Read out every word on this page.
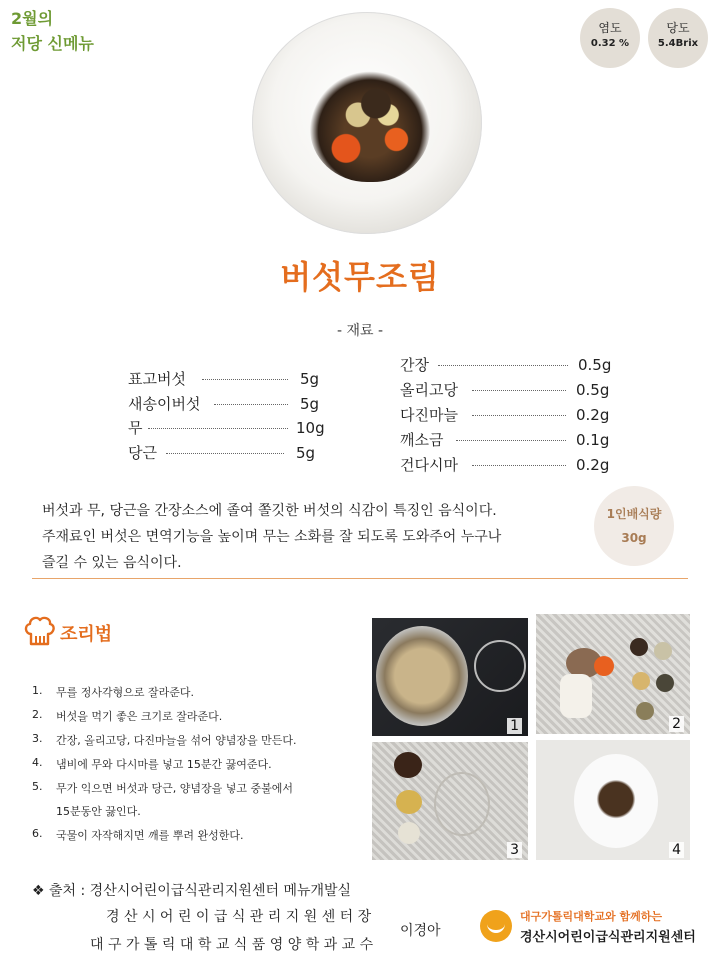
2월의
저당 신메뉴
염도
0.32 %
당도
5.4Brix
버섯무조림
- 재료 -
표고버섯	5g
새송이버섯	5g
무	10g
당근	5g
간장	0.5g
올리고당	0.5g
다진마늘	0.2g
깨소금	0.1g
건다시마	0.2g
버섯과 무, 당근을 간장소스에 졸여 쫄깃한 버섯의 식감이 특징인 음식이다.
주재료인 버섯은 면역기능을 높이며 무는 소화를 잘 되도록 도와주어 누구나
즐길 수 있는 음식이다.
1인배식량
30g
조리법
1.	무를 정사각형으로 잘라준다.
2.	버섯을 먹기 좋은 크기로 잘라준다.
3.	간장, 올리고당, 다진마늘을 섞어 양념장을 만든다.
4.	냄비에 무와 다시마를 넣고 15분간 끓여준다.
5.	무가 익으면 버섯과 당근, 양념장을 넣고 중불에서
15분동안 끓인다.
6.	국물이 자작해지면 깨를 뿌려 완성한다.
1	2
3	4
❖ 출처 : 경산시어린이급식관리지원센터 메뉴개발실
경 산 시 어 린 이 급 식 관 리 지 원 센 터 장
대 구 가 톨 릭 대 학 교 식 품 영 양 학 과 교 수
이경아
대구가톨릭대학교와 함께하는
경산시어린이급식관리지원센터
